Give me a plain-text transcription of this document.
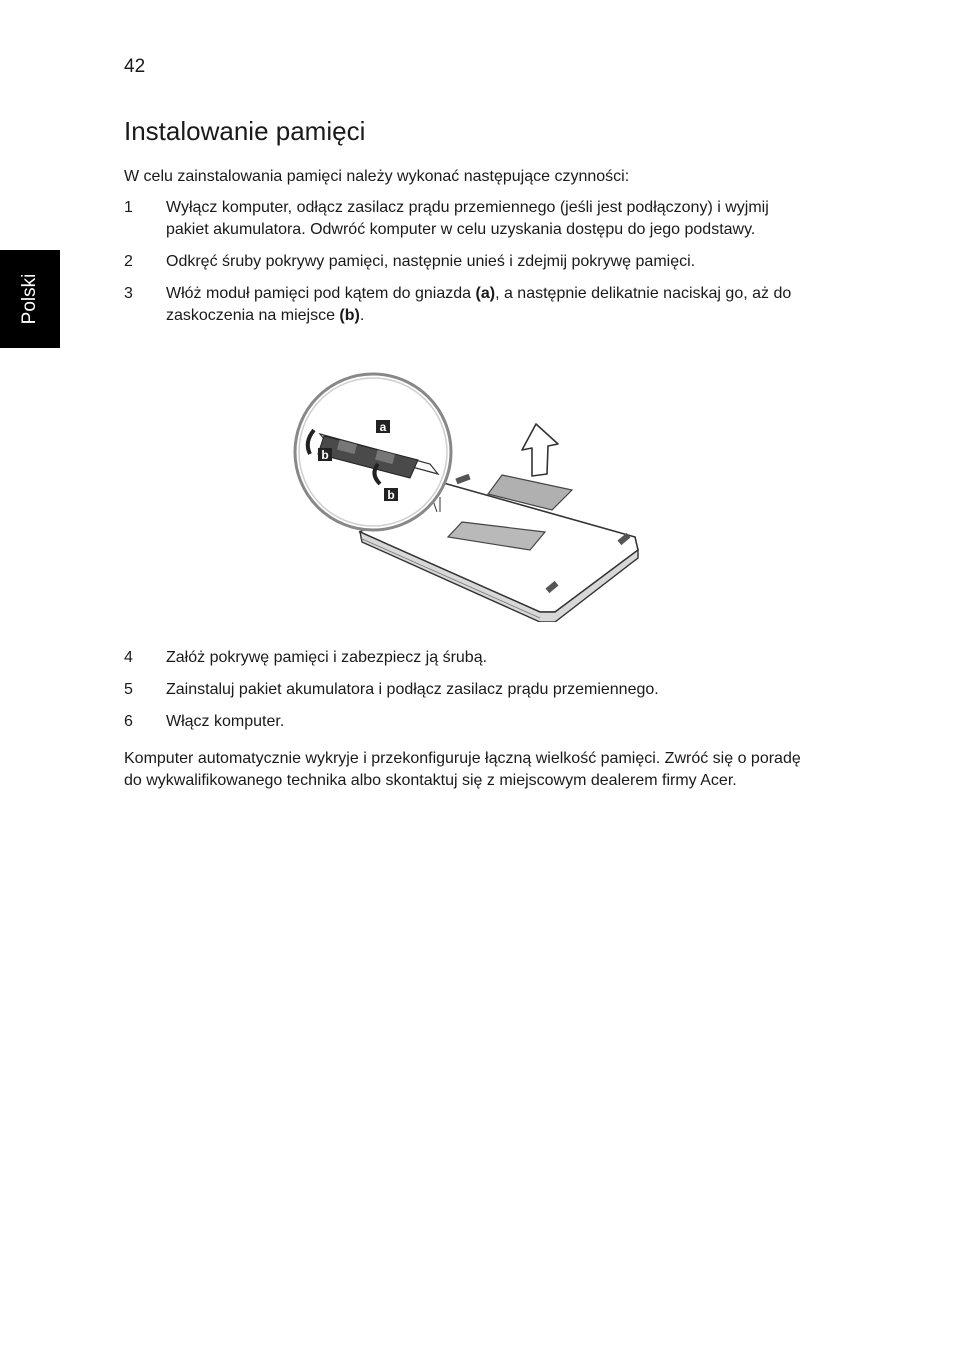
42
Polski
Instalowanie pamięci

W celu zainstalowania pamięci należy wykonać następujące czynności:

1 Wyłącz komputer, odłącz zasilacz prądu przemiennego (jeśli jest podłączony) i wyjmij pakiet akumulatora. Odwróć komputer w celu uzyskania dostępu do jego podstawy.
2 Odkręć śruby pokrywy pamięci, następnie unieś i zdejmij pokrywę pamięci.
3 Włóż moduł pamięci pod kątem do gniazda (a), a następnie delikatnie naciskaj go, aż do zaskoczenia na miejsce (b).
a
b
b
4 Załóż pokrywę pamięci i zabezpiecz ją śrubą.
5 Zainstaluj pakiet akumulatora i podłącz zasilacz prądu przemiennego.
6 Włącz komputer.

Komputer automatycznie wykryje i przekonfiguruje łączną wielkość pamięci. Zwróć się o poradę do wykwalifikowanego technika albo skontaktuj się z miejscowym dealerem firmy Acer.
